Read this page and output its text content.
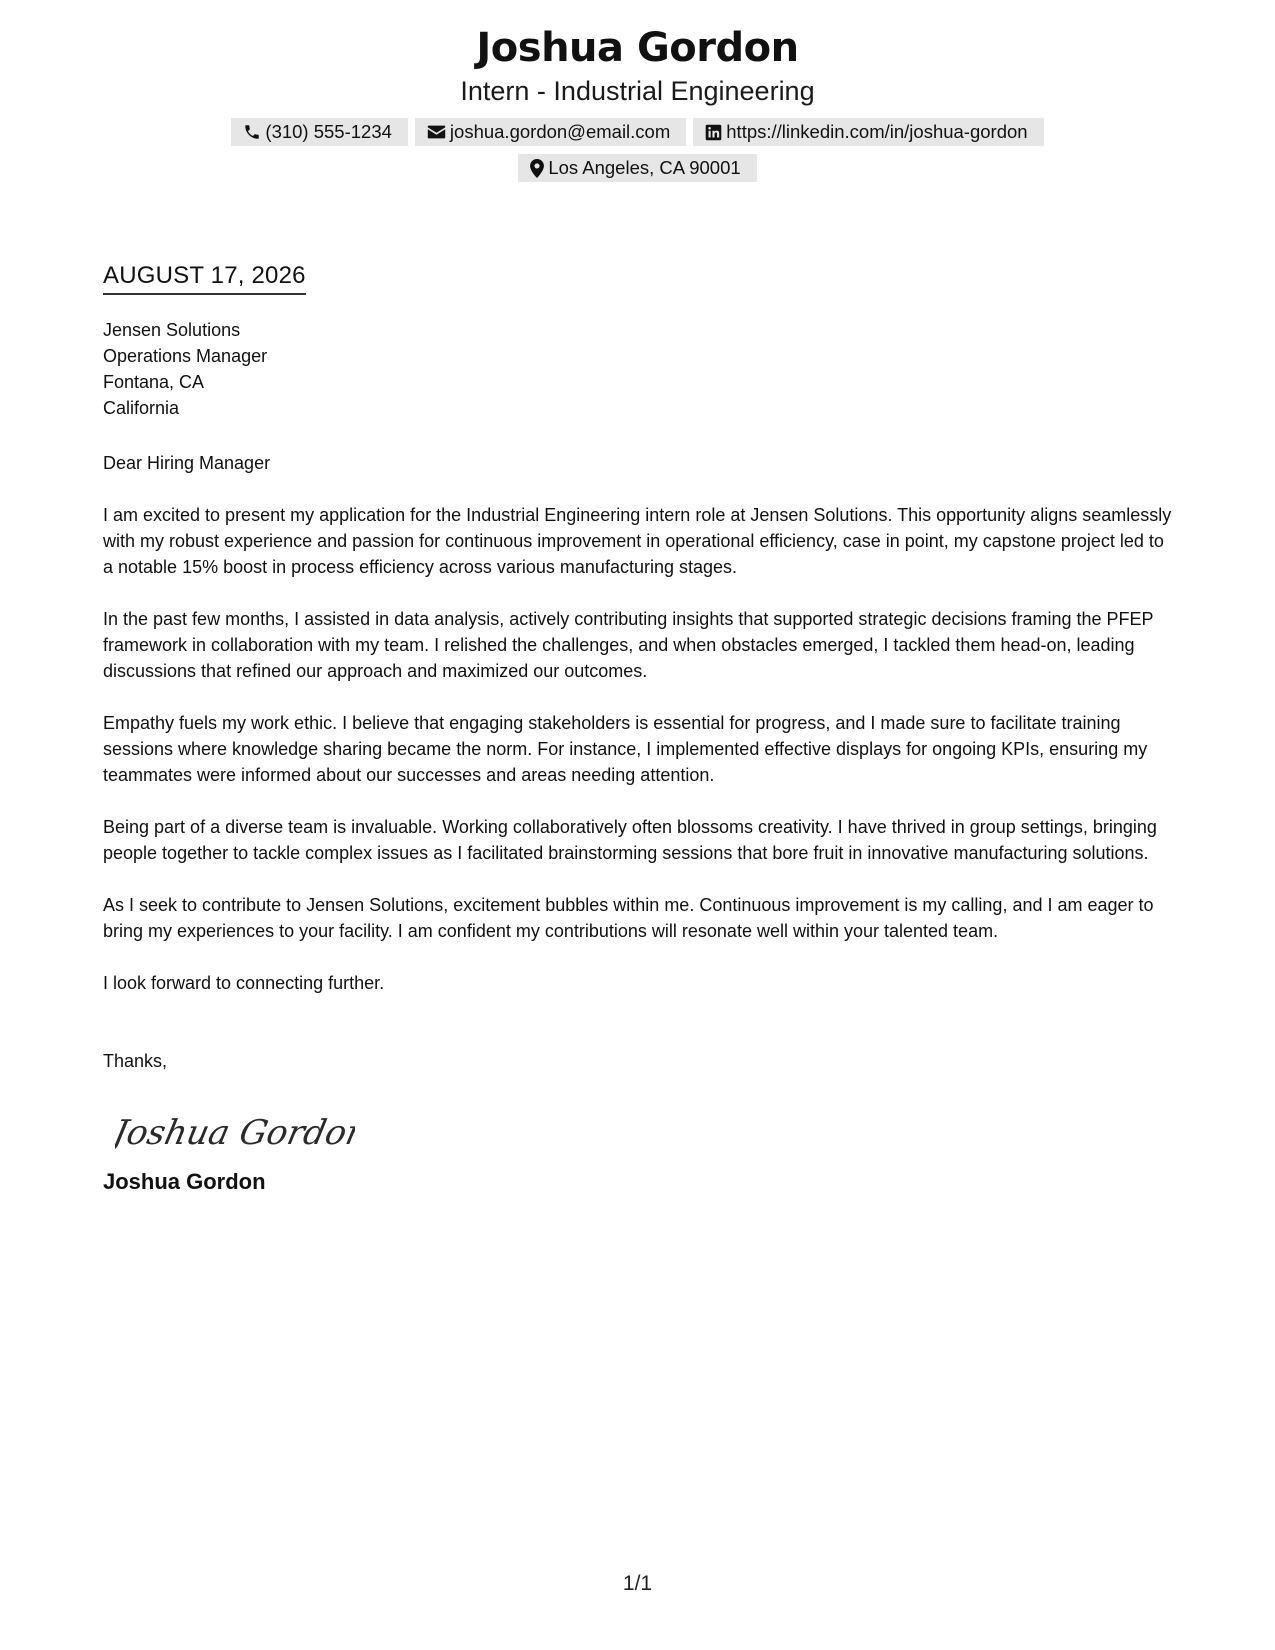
Joshua Gordon
Intern - Industrial Engineering
(310) 555-1234	joshua.gordon@email.com	https://linkedin.com/in/joshua-gordon
Los Angeles, CA 90001
AUGUST 17, 2026
Jensen Solutions
Operations Manager
Fontana, CA
California
Dear Hiring Manager

I am excited to present my application for the Industrial Engineering intern role at Jensen Solutions. This opportunity aligns seamlessly with my robust experience and passion for continuous improvement in operational efficiency, case in point, my capstone project led to a notable 15% boost in process efficiency across various manufacturing stages.

In the past few months, I assisted in data analysis, actively contributing insights that supported strategic decisions framing the PFEP framework in collaboration with my team. I relished the challenges, and when obstacles emerged, I tackled them head-on, leading discussions that refined our approach and maximized our outcomes.

Empathy fuels my work ethic. I believe that engaging stakeholders is essential for progress, and I made sure to facilitate training sessions where knowledge sharing became the norm. For instance, I implemented effective displays for ongoing KPIs, ensuring my teammates were informed about our successes and areas needing attention.

Being part of a diverse team is invaluable. Working collaboratively often blossoms creativity. I have thrived in group settings, bringing people together to tackle complex issues as I facilitated brainstorming sessions that bore fruit in innovative manufacturing solutions.

As I seek to contribute to Jensen Solutions, excitement bubbles within me. Continuous improvement is my calling, and I am eager to bring my experiences to your facility. I am confident my contributions will resonate well within your talented team.

I look forward to connecting further.

Thanks,
Joshua Gordon
Joshua Gordon
1/1
